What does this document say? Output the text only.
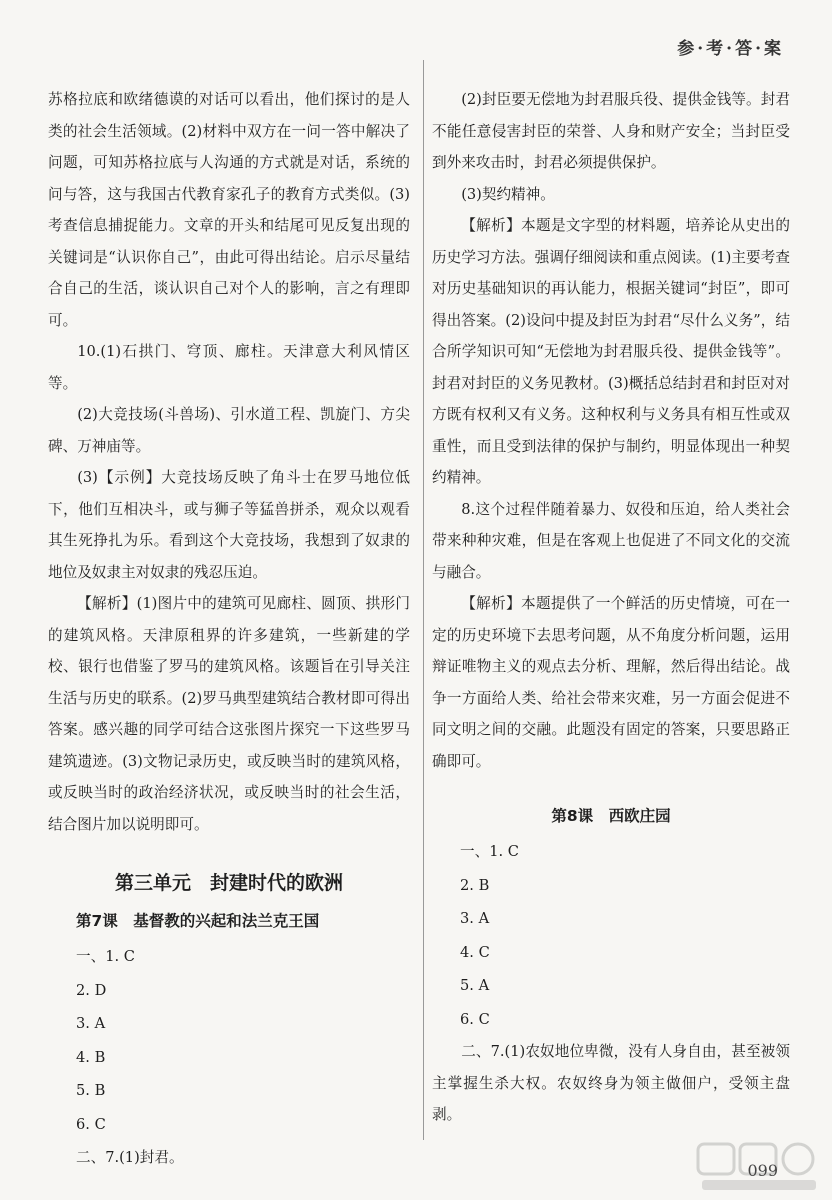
参·考·答·案

苏格拉底和欧绪德谟的对话可以看出，他们探讨的是人类的社会生活领域。(2)材料中双方在一问一答中解决了问题，可知苏格拉底与人沟通的方式就是对话，系统的问与答，这与我国古代教育家孔子的教育方式类似。(3)考查信息捕捉能力。文章的开头和结尾可见反复出现的关键词是“认识你自己”，由此可得出结论。启示尽量结合自己的生活，谈认识自己对个人的影响，言之有理即可。

10.(1)石拱门、穹顶、廊柱。天津意大利风情区等。

(2)大竞技场(斗兽场)、引水道工程、凯旋门、方尖碑、万神庙等。

(3)【示例】大竞技场反映了角斗士在罗马地位低下，他们互相决斗，或与狮子等猛兽拼杀，观众以观看其生死挣扎为乐。看到这个大竞技场，我想到了奴隶的地位及奴隶主对奴隶的残忍压迫。

【解析】(1)图片中的建筑可见廊柱、圆顶、拱形门的建筑风格。天津原租界的许多建筑，一些新建的学校、银行也借鉴了罗马的建筑风格。该题旨在引导关注生活与历史的联系。(2)罗马典型建筑结合教材即可得出答案。感兴趣的同学可结合这张图片探究一下这些罗马建筑遗迹。(3)文物记录历史，或反映当时的建筑风格，或反映当时的政治经济状况，或反映当时的社会生活，结合图片加以说明即可。

第三单元　封建时代的欧洲
第7课　基督教的兴起和法兰克王国
一、1. C
2. D
3. A
4. B
5. B
6. C
二、7.(1)封君。

(2)封臣要无偿地为封君服兵役、提供金钱等。封君不能任意侵害封臣的荣誉、人身和财产安全；当封臣受到外来攻击时，封君必须提供保护。

(3)契约精神。

【解析】本题是文字型的材料题，培养论从史出的历史学习方法。强调仔细阅读和重点阅读。(1)主要考查对历史基础知识的再认能力，根据关键词“封臣”，即可得出答案。(2)设问中提及封臣为封君“尽什么义务”，结合所学知识可知“无偿地为封君服兵役、提供金钱等”。封君对封臣的义务见教材。(3)概括总结封君和封臣对对方既有权利又有义务。这种权利与义务具有相互性或双重性，而且受到法律的保护与制约，明显体现出一种契约精神。

8.这个过程伴随着暴力、奴役和压迫，给人类社会带来种种灾难，但是在客观上也促进了不同文化的交流与融合。

【解析】本题提供了一个鲜活的历史情境，可在一定的历史环境下去思考问题，从不角度分析问题，运用辩证唯物主义的观点去分析、理解，然后得出结论。战争一方面给人类、给社会带来灾难，另一方面会促进不同文明之间的交融。此题没有固定的答案，只要思路正确即可。

第8课　西欧庄园
一、1. C
2. B
3. A
4. C
5. A
6. C

二、7.(1)农奴地位卑微，没有人身自由，甚至被领主掌握生杀大权。农奴终身为领主做佃户，受领主盘剥。

099
